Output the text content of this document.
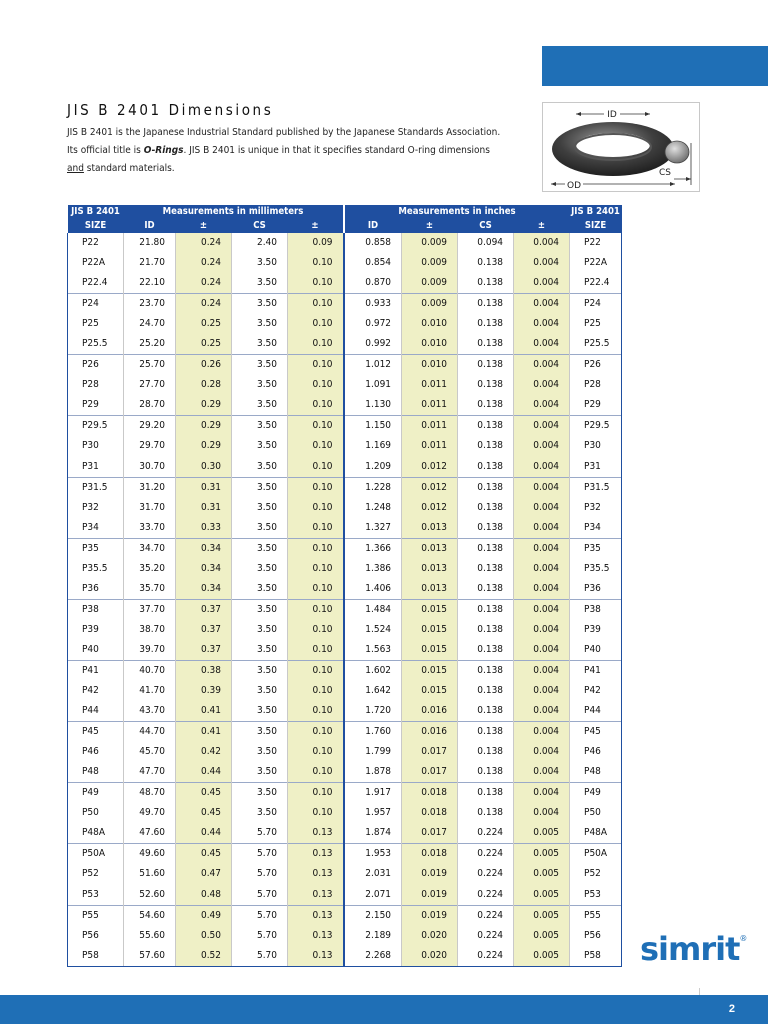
JIS B 2401 Dimensions
JIS B 2401 is the Japanese Industrial Standard published by the Japanese Standards Association.
Its official title is O-Rings. JIS B 2401 is unique in that it specifies standard O-ring dimensions
and standard materials.
ID
CS
OD
JIS B 2401	Measurements in millimeters				Measurements in inches				JIS B 2401
SIZE	ID	±	CS	±	ID	±	CS	±	SIZE
P22	21.80	0.24	2.40	0.09	0.858	0.009	0.094	0.004	P22
P22A	21.70	0.24	3.50	0.10	0.854	0.009	0.138	0.004	P22A
P22.4	22.10	0.24	3.50	0.10	0.870	0.009	0.138	0.004	P22.4
P24	23.70	0.24	3.50	0.10	0.933	0.009	0.138	0.004	P24
P25	24.70	0.25	3.50	0.10	0.972	0.010	0.138	0.004	P25
P25.5	25.20	0.25	3.50	0.10	0.992	0.010	0.138	0.004	P25.5
P26	25.70	0.26	3.50	0.10	1.012	0.010	0.138	0.004	P26
P28	27.70	0.28	3.50	0.10	1.091	0.011	0.138	0.004	P28
P29	28.70	0.29	3.50	0.10	1.130	0.011	0.138	0.004	P29
P29.5	29.20	0.29	3.50	0.10	1.150	0.011	0.138	0.004	P29.5
P30	29.70	0.29	3.50	0.10	1.169	0.011	0.138	0.004	P30
P31	30.70	0.30	3.50	0.10	1.209	0.012	0.138	0.004	P31
P31.5	31.20	0.31	3.50	0.10	1.228	0.012	0.138	0.004	P31.5
P32	31.70	0.31	3.50	0.10	1.248	0.012	0.138	0.004	P32
P34	33.70	0.33	3.50	0.10	1.327	0.013	0.138	0.004	P34
P35	34.70	0.34	3.50	0.10	1.366	0.013	0.138	0.004	P35
P35.5	35.20	0.34	3.50	0.10	1.386	0.013	0.138	0.004	P35.5
P36	35.70	0.34	3.50	0.10	1.406	0.013	0.138	0.004	P36
P38	37.70	0.37	3.50	0.10	1.484	0.015	0.138	0.004	P38
P39	38.70	0.37	3.50	0.10	1.524	0.015	0.138	0.004	P39
P40	39.70	0.37	3.50	0.10	1.563	0.015	0.138	0.004	P40
P41	40.70	0.38	3.50	0.10	1.602	0.015	0.138	0.004	P41
P42	41.70	0.39	3.50	0.10	1.642	0.015	0.138	0.004	P42
P44	43.70	0.41	3.50	0.10	1.720	0.016	0.138	0.004	P44
P45	44.70	0.41	3.50	0.10	1.760	0.016	0.138	0.004	P45
P46	45.70	0.42	3.50	0.10	1.799	0.017	0.138	0.004	P46
P48	47.70	0.44	3.50	0.10	1.878	0.017	0.138	0.004	P48
P49	48.70	0.45	3.50	0.10	1.917	0.018	0.138	0.004	P49
P50	49.70	0.45	3.50	0.10	1.957	0.018	0.138	0.004	P50
P48A	47.60	0.44	5.70	0.13	1.874	0.017	0.224	0.005	P48A
P50A	49.60	0.45	5.70	0.13	1.953	0.018	0.224	0.005	P50A
P52	51.60	0.47	5.70	0.13	2.031	0.019	0.224	0.005	P52
P53	52.60	0.48	5.70	0.13	2.071	0.019	0.224	0.005	P53
P55	54.60	0.49	5.70	0.13	2.150	0.019	0.224	0.005	P55
P56	55.60	0.50	5.70	0.13	2.189	0.020	0.224	0.005	P56
P58	57.60	0.52	5.70	0.13	2.268	0.020	0.224	0.005	P58 simrit®
2
